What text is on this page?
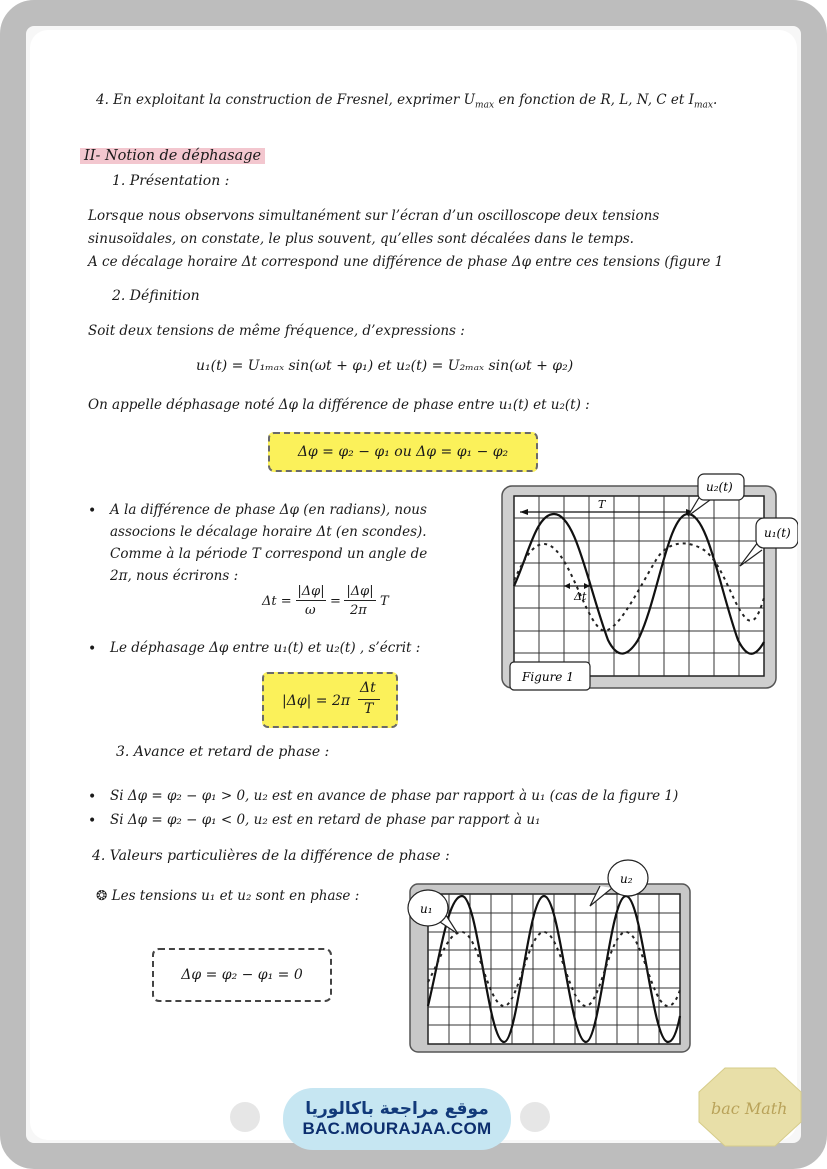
4. En exploitant la construction de Fresnel, exprimer $U_{max}$ en fonction de R, L, N, C et $I_{max}$.
II- Notion de déphasage
1. Présentation :
Lorsque nous observons simultanément sur l’écran d’un oscilloscope deux tensions
sinusoïdales, on constate, le plus souvent, qu’elles sont décalées dans le temps.
A ce décalage horaire Δt correspond une différence de phase Δφ entre ces tensions (figure 1
2. Définition
Soit deux tensions de même fréquence, d’expressions :
u₁(t) = U₁ₘₐₓ sin(ωt + φ₁) et u₂(t) = U₂ₘₐₓ sin(ωt + φ₂)
On appelle déphasage noté Δφ la différence de phase entre u₁(t) et u₂(t) :
Δφ = φ₂ − φ₁ ou Δφ = φ₁ − φ₂
• A la différence de phase Δφ (en radians), nous
associons le décalage horaire Δt (en scondes).
Comme à la période T correspond un angle de
2π, nous écrirons :
Δt =
|Δφ|
ω
=
|Δφ|
2π
T
• Le déphasage Δφ entre u₁(t) et u₂(t) , s’écrit :
|Δφ| = 2π
Δt
T
T
Δt
u₂(t)
u₁(t)
Figure 1
3. Avance et retard de phase :
• Si Δφ = φ₂ − φ₁ > 0, u₂ est en avance de phase par rapport à u₁ (cas de la figure 1)
• Si Δφ = φ₂ − φ₁ < 0, u₂ est en retard de phase par rapport à u₁
4. Valeurs particulières de la différence de phase :
❂ Les tensions u₁ et u₂ sont en phase :
Δφ = φ₂ − φ₁ = 0
u₂
u₁
موقع مراجعة باكالوريا
BAC.MOURAJAA.COM
bac Math
